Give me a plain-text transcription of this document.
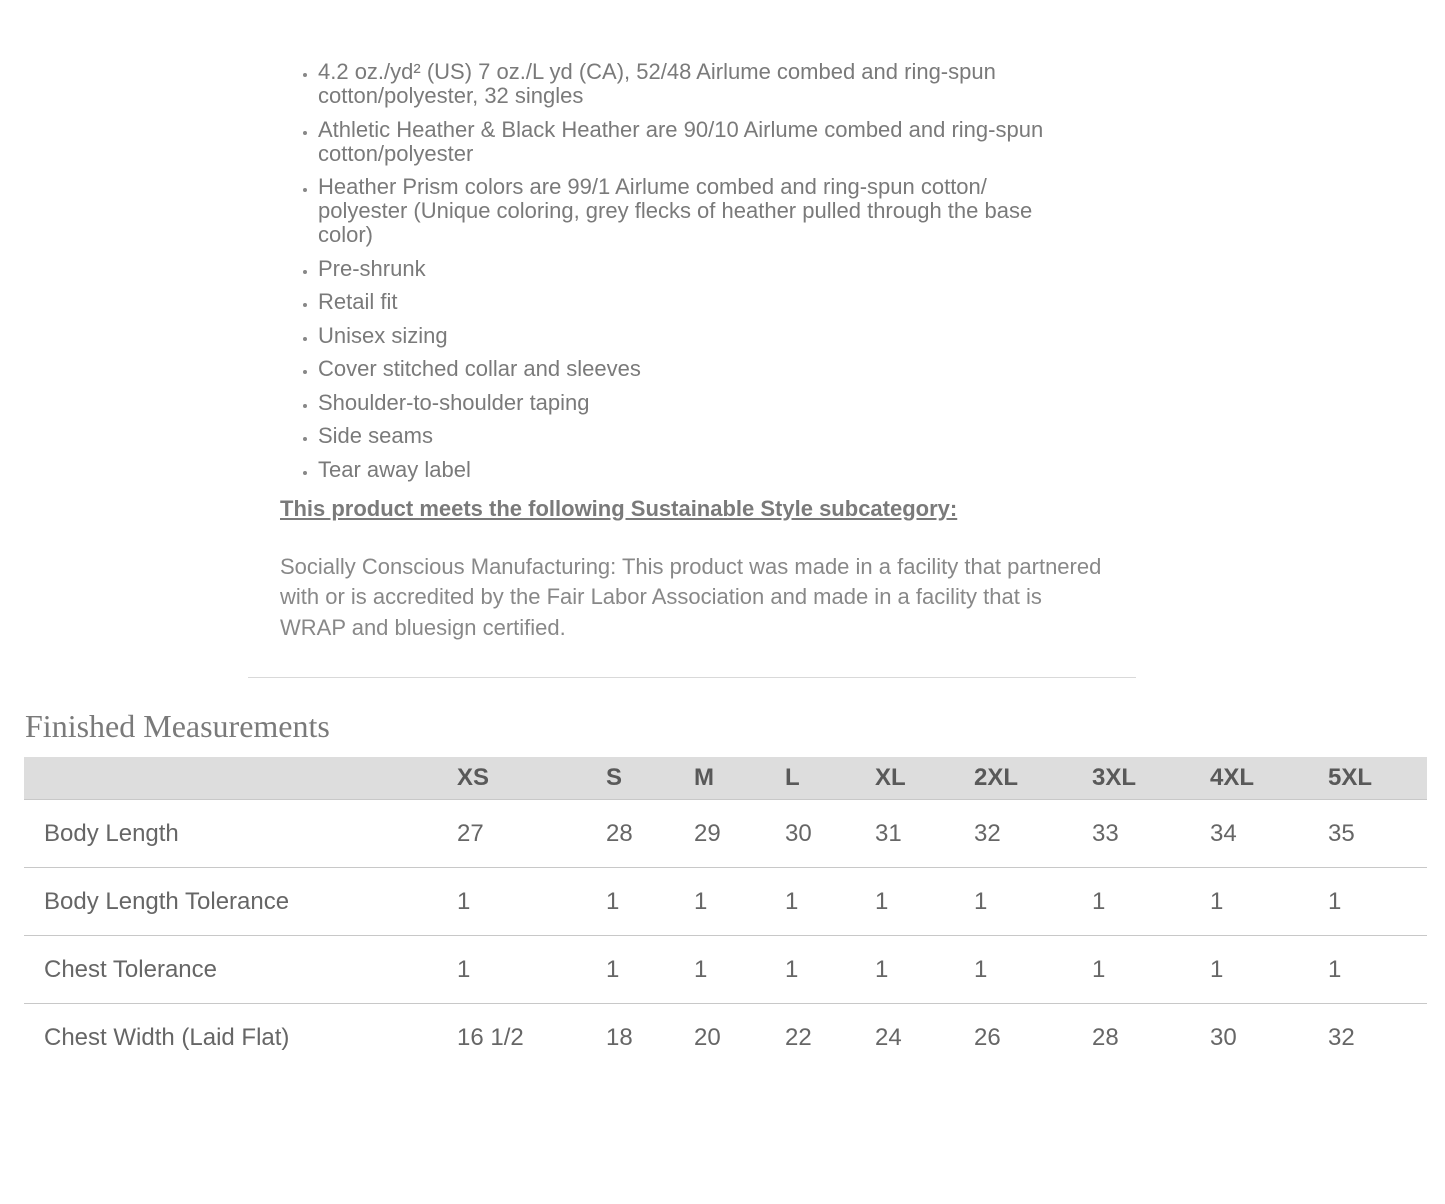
• 4.2 oz./yd² (US) 7 oz./L yd (CA), 52/48 Airlume combed and ring-spun cotton/polyester, 32 singles
• Athletic Heather & Black Heather are 90/10 Airlume combed and ring-spun cotton/polyester
• Heather Prism colors are 99/1 Airlume combed and ring-spun cotton/ polyester (Unique coloring, grey flecks of heather pulled through the base color)
• Pre-shrunk
• Retail fit
• Unisex sizing
• Cover stitched collar and sleeves
• Shoulder-to-shoulder taping
• Side seams
• Tear away label
This product meets the following Sustainable Style subcategory:
Socially Conscious Manufacturing: This product was made in a facility that partnered with or is accredited by the Fair Labor Association and made in a facility that is WRAP and bluesign certified.
Finished Measurements
	XS	S	M	L	XL	2XL	3XL	4XL	5XL
Body Length	27	28	29	30	31	32	33	34	35
Body Length Tolerance	1	1	1	1	1	1	1	1	1
Chest Tolerance	1	1	1	1	1	1	1	1	1
Chest Width (Laid Flat)	16 1/2	18	20	22	24	26	28	30	32
